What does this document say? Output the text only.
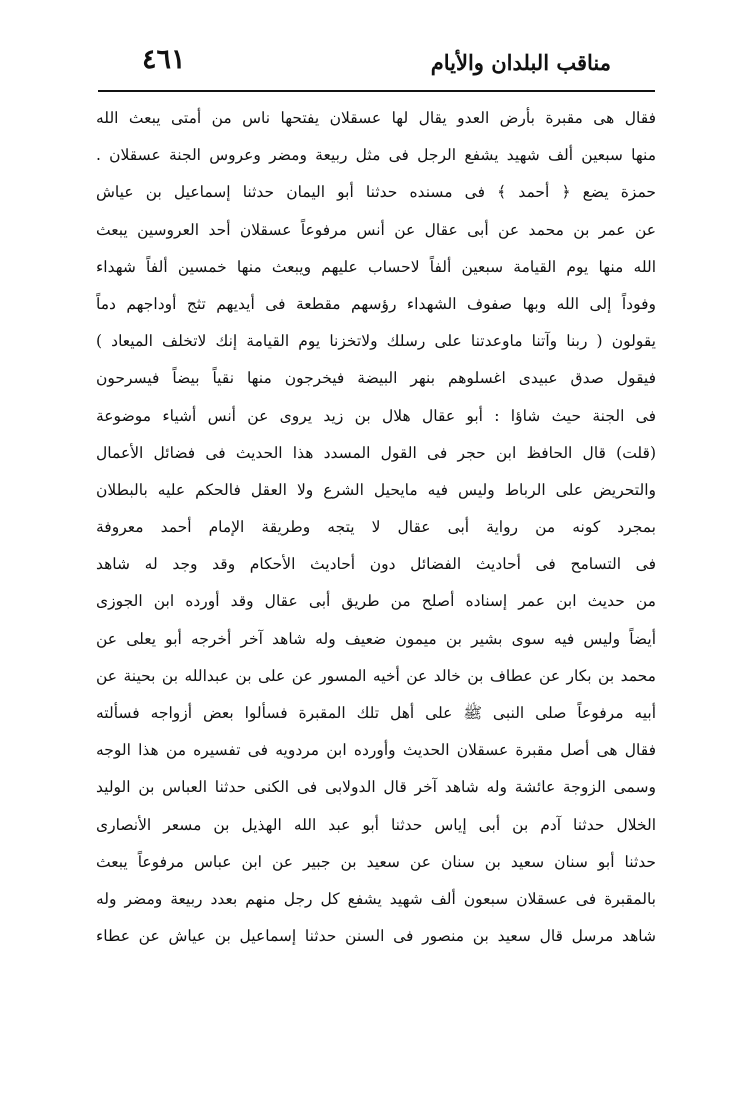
مناقب البلدان والأيام
٤٦١
فقال هى مقبرة بأرض العدو يقال لها عسقلان يفتحها ناس من أمتى يبعث الله
منها سبعين ألف شهيد يشفع الرجل فى مثل ربيعة ومضر وعروس الجنة عسقلان .
حمزة يضع ﴿ أحمد ﴾ فى مسنده حدثنا أبو اليمان حدثنا إسماعيل بن عياش
عن عمر بن محمد عن أبى عقال عن أنس مرفوعاً عسقلان أحد العروسين يبعث
الله منها يوم القيامة سبعين ألفاً لاحساب عليهم ويبعث منها خمسين ألفاً شهداء
وفوداً إلى الله وبها صفوف الشهداء رؤسهم مقطعة فى أيديهم تثج أوداجهم دماً
يقولون ( ربنا وآتنا ماوعدتنا على رسلك ولاتخزنا يوم القيامة إنك لاتخلف الميعاد )
فيقول صدق عبيدى اغسلوهم بنهر البيضة فيخرجون منها نقياً بيضاً فيسرحون
فى الجنة حيث شاؤا : أبو عقال هلال بن زيد يروى عن أنس أشياء موضوعة
(قلت) قال الحافظ ابن حجر فى القول المسدد هذا الحديث فى فضائل الأعمال
والتحريض على الرباط وليس فيه مايحيل الشرع ولا العقل فالحكم عليه بالبطلان
بمجرد كونه من رواية أبى عقال لا يتجه وطريقة الإمام أحمد معروفة
فى التسامح فى أحاديث الفضائل دون أحاديث الأحكام وقد وجد له شاهد
من حديث ابن عمر إسناده أصلح من طريق أبى عقال وقد أورده ابن الجوزى
أيضاً وليس فيه سوى بشير بن ميمون ضعيف وله شاهد آخر أخرجه أبو يعلى عن
محمد بن بكار عن عطاف بن خالد عن أخيه المسور عن على بن عبدالله بن بحينة عن
أبيه مرفوعاً صلى النبى ﷺ على أهل تلك المقبرة فسألوا بعض أزواجه فسألته
فقال هى أصل مقبرة عسقلان الحديث وأورده ابن مردويه فى تفسيره من هذا الوجه
وسمى الزوجة عائشة وله شاهد آخر قال الدولابى فى الكنى حدثنا العباس بن الوليد
الخلال حدثنا آدم بن أبى إياس حدثنا أبو عبد الله الهذيل بن مسعر الأنصارى
حدثنا أبو سنان سعيد بن سنان عن سعيد بن جبير عن ابن عباس مرفوعاً يبعث
بالمقبرة فى عسقلان سبعون ألف شهيد يشفع كل رجل منهم بعدد ربيعة ومضر وله
شاهد مرسل قال سعيد بن منصور فى السنن حدثنا إسماعيل بن عياش عن عطاء
